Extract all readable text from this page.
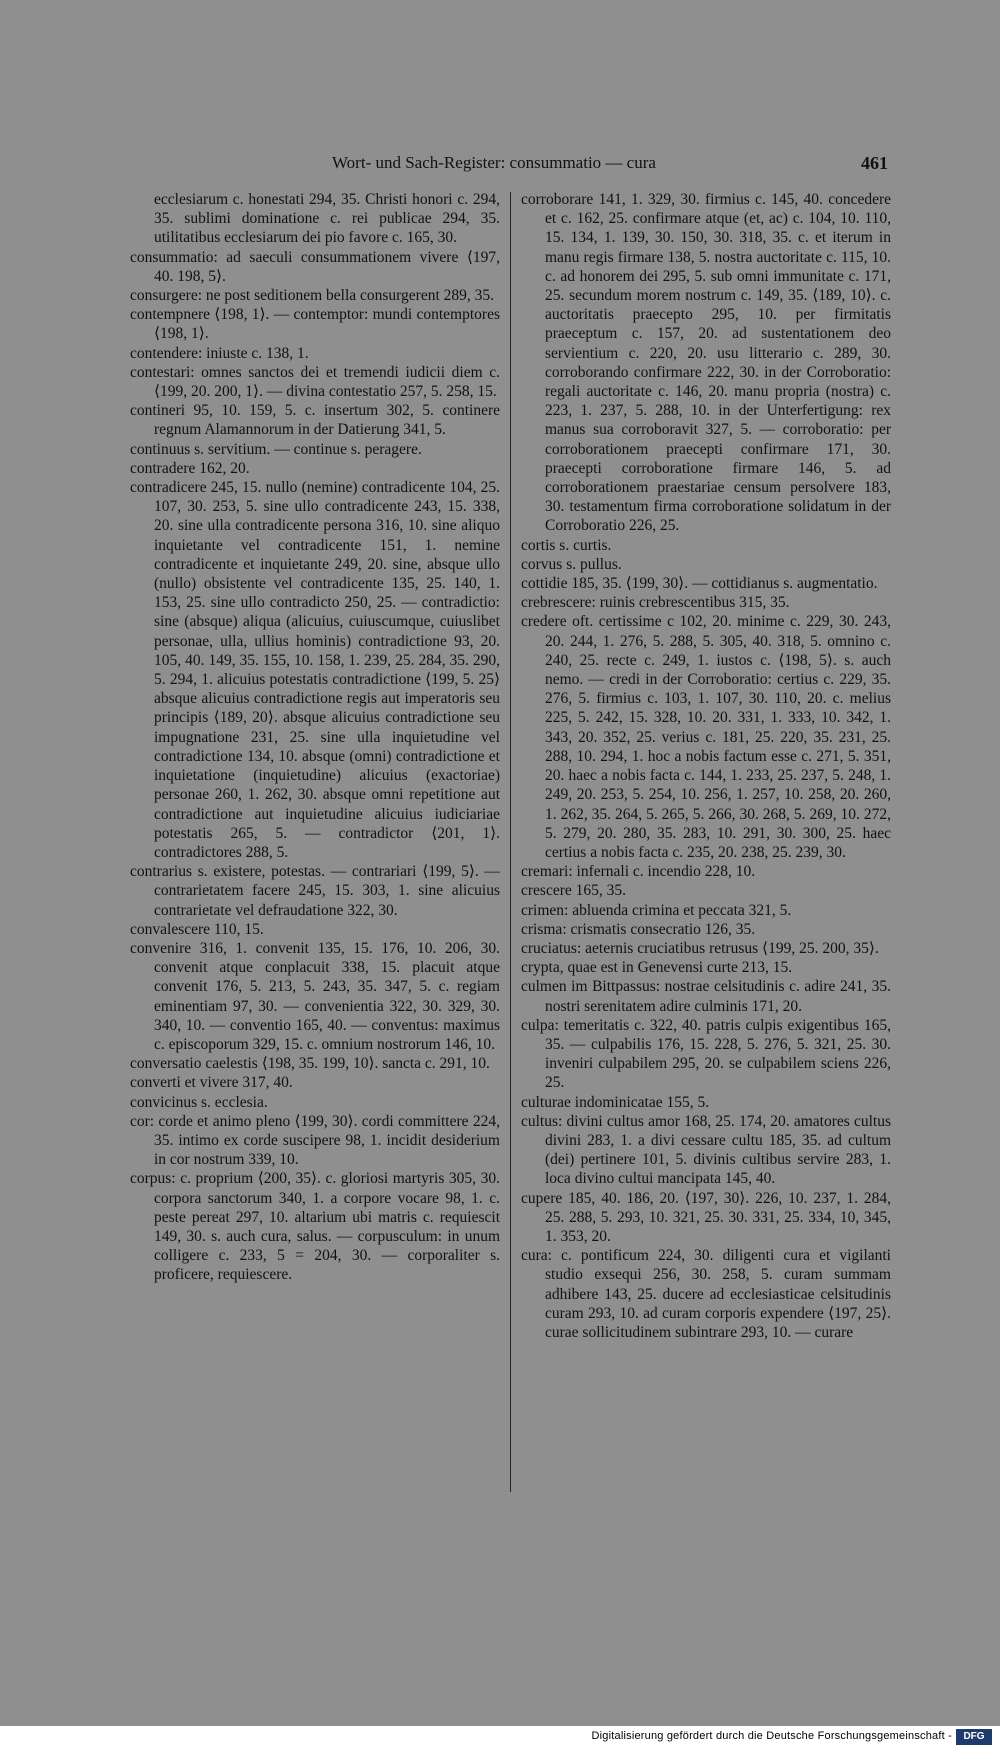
Wort- und Sach-Register: consummatio — cura	461

ecclesiarum c. honestati 294, 35. Christi honori c. 294, 35. sublimi dominatione c. rei publicae 294, 35. utilitatibus ecclesiarum dei pio favore c. 165, 30.

consummatio: ad saeculi consummationem vivere ⟨197, 40. 198, 5⟩.

consurgere: ne post seditionem bella consurgerent 289, 35.

contempnere ⟨198, 1⟩. — contemptor: mundi contemptores ⟨198, 1⟩.

contendere: iniuste c. 138, 1.

contestari: omnes sanctos dei et tremendi iudicii diem c. ⟨199, 20. 200, 1⟩. — divina contestatio 257, 5. 258, 15.

contineri 95, 10. 159, 5. c. insertum 302, 5. continere regnum Alamannorum in der Datierung 341, 5.

continuus s. servitium. — continue s. peragere.

contradere 162, 20.

contradicere 245, 15. nullo (nemine) contradicente 104, 25. 107, 30. 253, 5. sine ullo contradicente 243, 15. 338, 20. sine ulla contradicente persona 316, 10. sine aliquo inquietante vel contradicente 151, 1. nemine contradicente et inquietante 249, 20. sine, absque ullo (nullo) obsistente vel contradicente 135, 25. 140, 1. 153, 25. sine ullo contradicto 250, 25. — contradictio: sine (absque) aliqua (alicuius, cuiuscumque, cuiuslibet personae, ulla, ullius hominis) contradictione 93, 20. 105, 40. 149, 35. 155, 10. 158, 1. 239, 25. 284, 35. 290, 5. 294, 1. alicuius potestatis contradictione ⟨199, 5. 25⟩ absque alicuius contradictione regis aut imperatoris seu principis ⟨189, 20⟩. absque alicuius contradictione seu impugnatione 231, 25. sine ulla inquietudine vel contradictione 134, 10. absque (omni) contradictione et inquietatione (inquietudine) alicuius (exactoriae) personae 260, 1. 262, 30. absque omni repetitione aut contradictione aut inquietudine alicuius iudiciariae potestatis 265, 5. — contradictor ⟨201, 1⟩. contradictores 288, 5.

contrarius s. existere, potestas. — contrariari ⟨199, 5⟩. — contrarietatem facere 245, 15. 303, 1. sine alicuius contrarietate vel defraudatione 322, 30.

convalescere 110, 15.

convenire 316, 1. convenit 135, 15. 176, 10. 206, 30. convenit atque conplacuit 338, 15. placuit atque convenit 176, 5. 213, 5. 243, 35. 347, 5. c. regiam eminentiam 97, 30. — convenientia 322, 30. 329, 30. 340, 10. — conventio 165, 40. — conventus: maximus c. episcoporum 329, 15. c. omnium nostrorum 146, 10.

conversatio caelestis ⟨198, 35. 199, 10⟩. sancta c. 291, 10.

converti et vivere 317, 40.

convicinus s. ecclesia.

cor: corde et animo pleno ⟨199, 30⟩. cordi committere 224, 35. intimo ex corde suscipere 98, 1. incidit desiderium in cor nostrum 339, 10.

corpus: c. proprium ⟨200, 35⟩. c. gloriosi martyris 305, 30. corpora sanctorum 340, 1. a corpore vocare 98, 1. c. peste pereat 297, 10. altarium ubi matris c. requiescit 149, 30. s. auch cura, salus. — corpusculum: in unum colligere c. 233, 5 = 204, 30. — corporaliter s. proficere, requiescere.

corroborare 141, 1. 329, 30. firmius c. 145, 40. concedere et c. 162, 25. confirmare atque (et, ac) c. 104, 10. 110, 15. 134, 1. 139, 30. 150, 30. 318, 35. c. et iterum in manu regis firmare 138, 5. nostra auctoritate c. 115, 10. c. ad honorem dei 295, 5. sub omni immunitate c. 171, 25. secundum morem nostrum c. 149, 35. ⟨189, 10⟩. c. auctoritatis praecepto 295, 10. per firmitatis praeceptum c. 157, 20. ad sustentationem deo servientium c. 220, 20. usu litterario c. 289, 30. corroborando confirmare 222, 30. in der Corroboratio: regali auctoritate c. 146, 20. manu propria (nostra) c. 223, 1. 237, 5. 288, 10. in der Unterfertigung: rex manus sua corroboravit 327, 5. — corroboratio: per corroborationem praecepti confirmare 171, 30. praecepti corroboratione firmare 146, 5. ad corroborationem praestariae censum persolvere 183, 30. testamentum firma corroboratione solidatum in der Corroboratio 226, 25.

cortis s. curtis.

corvus s. pullus.

cottidie 185, 35. ⟨199, 30⟩. — cottidianus s. augmentatio.

crebrescere: ruinis crebrescentibus 315, 35.

credere oft. certissime c 102, 20. minime c. 229, 30. 243, 20. 244, 1. 276, 5. 288, 5. 305, 40. 318, 5. omnino c. 240, 25. recte c. 249, 1. iustos c. ⟨198, 5⟩. s. auch nemo. — credi in der Corroboratio: certius c. 229, 35. 276, 5. firmius c. 103, 1. 107, 30. 110, 20. c. melius 225, 5. 242, 15. 328, 10. 20. 331, 1. 333, 10. 342, 1. 343, 20. 352, 25. verius c. 181, 25. 220, 35. 231, 25. 288, 10. 294, 1. hoc a nobis factum esse c. 271, 5. 351, 20. haec a nobis facta c. 144, 1. 233, 25. 237, 5. 248, 1. 249, 20. 253, 5. 254, 10. 256, 1. 257, 10. 258, 20. 260, 1. 262, 35. 264, 5. 265, 5. 266, 30. 268, 5. 269, 10. 272, 5. 279, 20. 280, 35. 283, 10. 291, 30. 300, 25. haec certius a nobis facta c. 235, 20. 238, 25. 239, 30.

cremari: infernali c. incendio 228, 10.

crescere 165, 35.

crimen: abluenda crimina et peccata 321, 5.

crisma: crismatis consecratio 126, 35.

cruciatus: aeternis cruciatibus retrusus ⟨199, 25. 200, 35⟩.

crypta, quae est in Genevensi curte 213, 15.

culmen im Bittpassus: nostrae celsitudinis c. adire 241, 35. nostri serenitatem adire culminis 171, 20.

culpa: temeritatis c. 322, 40. patris culpis exigentibus 165, 35. — culpabilis 176, 15. 228, 5. 276, 5. 321, 25. 30. inveniri culpabilem 295, 20. se culpabilem sciens 226, 25.

culturae indominicatae 155, 5.

cultus: divini cultus amor 168, 25. 174, 20. amatores cultus divini 283, 1. a divi cessare cultu 185, 35. ad cultum (dei) pertinere 101, 5. divinis cultibus servire 283, 1. loca divino cultui mancipata 145, 40.

cupere 185, 40. 186, 20. ⟨197, 30⟩. 226, 10. 237, 1. 284, 25. 288, 5. 293, 10. 321, 25. 30. 331, 25. 334, 10, 345, 1. 353, 20.

cura: c. pontificum 224, 30. diligenti cura et vigilanti studio exsequi 256, 30. 258, 5. curam summam adhibere 143, 25. ducere ad ecclesiasticae celsitudinis curam 293, 10. ad curam corporis expendere ⟨197, 25⟩. curae sollicitudinem subintrare 293, 10. — curare

Digitalisierung gefördert durch die Deutsche Forschungsgemeinschaft -	DFG
